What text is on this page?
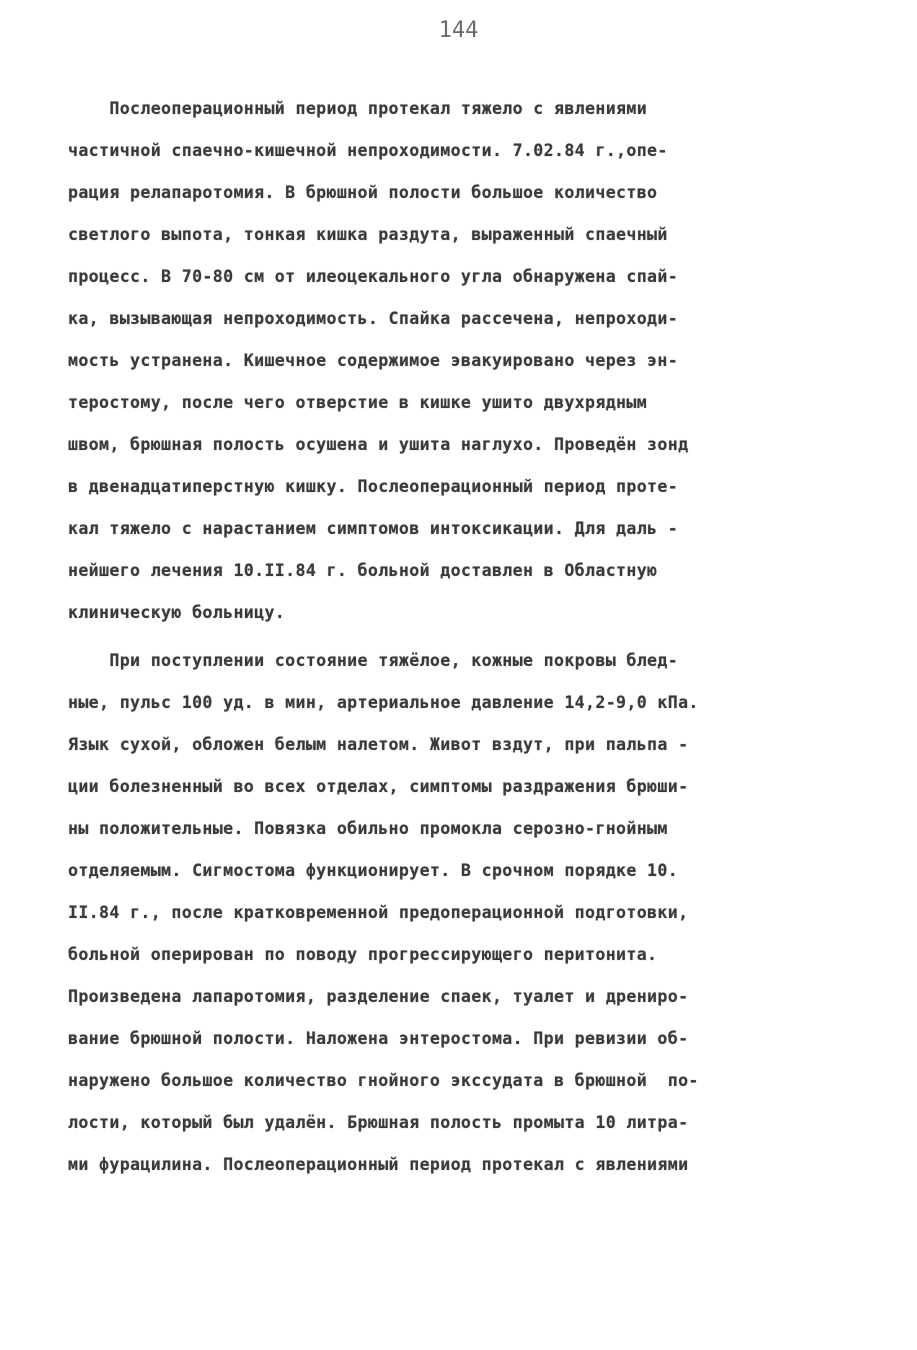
144
Послеоперационный период протекал тяжело с явлениями
частичной спаечно-кишечной непроходимости. 7.02.84 г.,опе-
рация релапаротомия. В брюшной полости большое количество
светлого выпота, тонкая кишка раздута, выраженный спаечный
процесс. В 70-80 см от илеоцекального угла обнаружена спай-
ка, вызывающая непроходимость. Спайка рассечена, непроходи-
мость устранена. Кишечное содержимое эвакуировано через эн-
теростому, после чего отверстие в кишке ушито двухрядным
швом, брюшная полость осушена и ушита наглухо. Проведён зонд
в двенадцатиперстную кишку. Послеоперационный период проте-
кал тяжело с нарастанием симптомов интоксикации. Для даль -
нейшего лечения 10.II.84 г. больной доставлен в Областную
клиническую больницу.
При поступлении состояние тяжёлое, кожные покровы блед-
ные, пульс 100 уд. в мин, артериальное давление 14,2-9,0 кПа.
Язык сухой, обложен белым налетом. Живот вздут, при пальпа -
ции болезненный во всех отделах, симптомы раздражения брюши-
ны положительные. Повязка обильно промокла серозно-гнойным
отделяемым. Сигмостома функционирует. В срочном порядке 10.
II.84 г., после кратковременной предоперационной подготовки,
больной оперирован по поводу прогрессирующего перитонита.
Произведена лапаротомия, разделение спаек, туалет и дрениро-
вание брюшной полости. Наложена энтеростома. При ревизии об-
наружено большое количество гнойного экссудата в брюшной  по-
лости, который был удалён. Брюшная полость промыта 10 литра-
ми фурацилина. Послеоперационный период протекал с явлениями
